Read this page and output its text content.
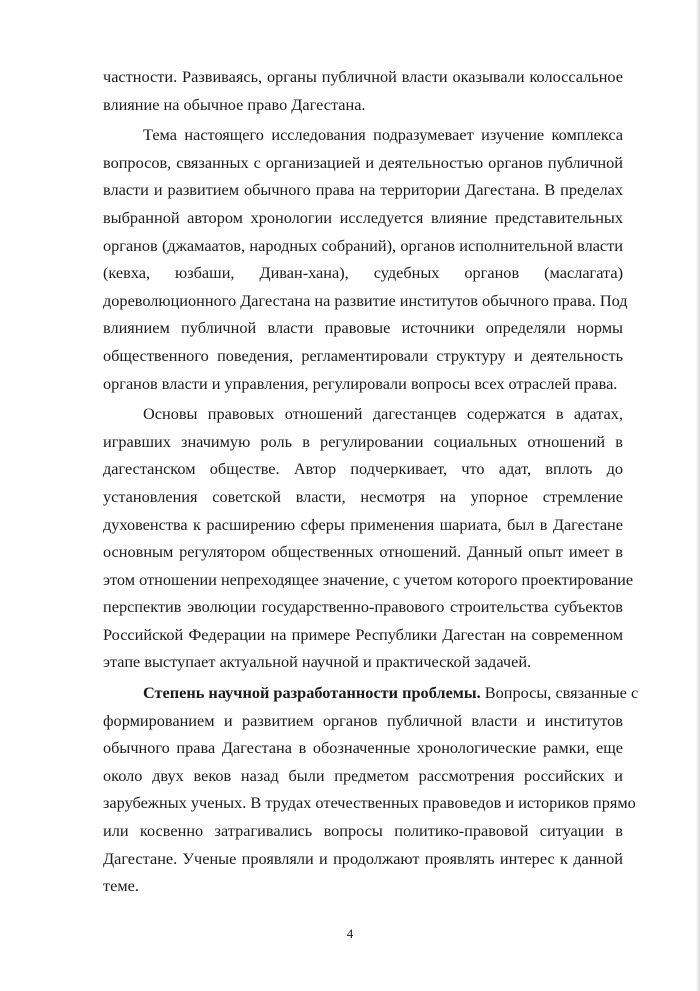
частности. Развиваясь, органы публичной власти оказывали колоссальное
влияние на обычное право Дагестана.
Тема настоящего исследования подразумевает изучение комплекса
вопросов, связанных с организацией и деятельностью органов публичной
власти и развитием обычного права на территории Дагестана. В пределах
выбранной автором хронологии исследуется влияние представительных
органов (джамаатов, народных собраний), органов исполнительной власти
(кевха, юзбаши, Диван-хана), судебных органов (маслагата)
дореволюционного Дагестана на развитие институтов обычного права. Под
влиянием публичной власти правовые источники определяли нормы
общественного поведения, регламентировали структуру и деятельность
органов власти и управления, регулировали вопросы всех отраслей права.
Основы правовых отношений дагестанцев содержатся в адатах,
игравших значимую роль в регулировании социальных отношений в
дагестанском обществе. Автор подчеркивает, что адат, вплоть до
установления советской власти, несмотря на упорное стремление
духовенства к расширению сферы применения шариата, был в Дагестане
основным регулятором общественных отношений. Данный опыт имеет в
этом отношении непреходящее значение, с учетом которого проектирование
перспектив эволюции государственно-правового строительства субъектов
Российской Федерации на примере Республики Дагестан на современном
этапе выступает актуальной научной и практической задачей.
Степень научной разработанности проблемы. Вопросы, связанные с
формированием и развитием органов публичной власти и институтов
обычного права Дагестана в обозначенные хронологические рамки, еще
около двух веков назад были предметом рассмотрения российских и
зарубежных ученых. В трудах отечественных правоведов и историков прямо
или косвенно затрагивались вопросы политико-правовой ситуации в
Дагестане. Ученые проявляли и продолжают проявлять интерес к данной
теме.
4
